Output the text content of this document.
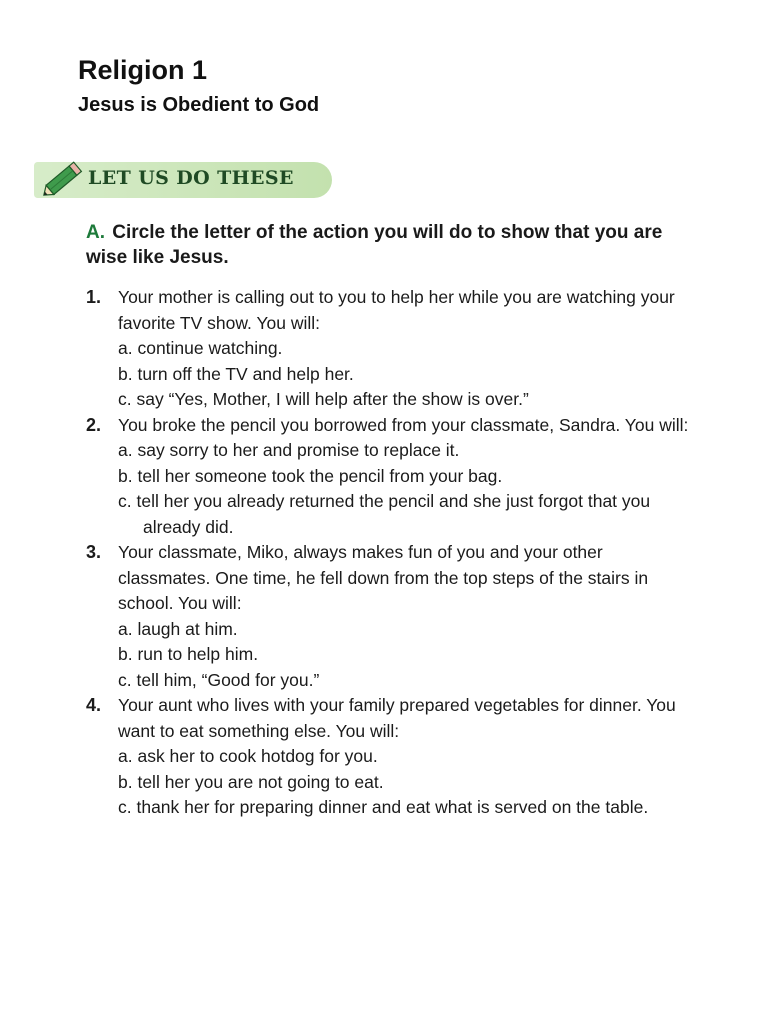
Religion 1
Jesus is Obedient to God
LET US DO THESE
A. Circle the letter of the action you will do to show that you are wise like Jesus.
1. Your mother is calling out to you to help her while you are watching your favorite TV show. You will:
a. continue watching.
b. turn off the TV and help her.
c. say “Yes, Mother, I will help after the show is over.”
2. You broke the pencil you borrowed from your classmate, Sandra. You will:
a. say sorry to her and promise to replace it.
b. tell her someone took the pencil from your bag.
c. tell her you already returned the pencil and she just forgot that you already did.
3. Your classmate, Miko, always makes fun of you and your other classmates. One time, he fell down from the top steps of the stairs in school. You will:
a. laugh at him.
b. run to help him.
c. tell him, “Good for you.”
4. Your aunt who lives with your family prepared vegetables for dinner. You want to eat something else. You will:
a. ask her to cook hotdog for you.
b. tell her you are not going to eat.
c. thank her for preparing dinner and eat what is served on the table.
